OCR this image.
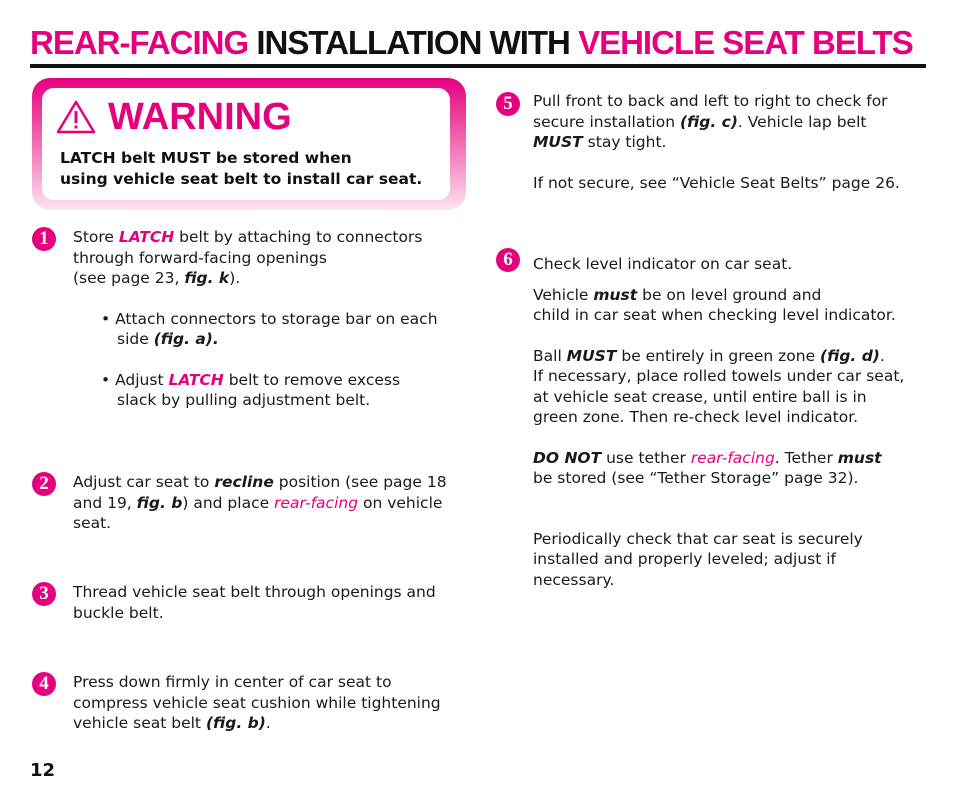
REAR-FACING INSTALLATION WITH VEHICLE SEAT BELTS
WARNING
LATCH belt MUST be stored when
using vehicle seat belt to install car seat.
1	Store LATCH belt by attaching to connectors

through forward-facing openings

(see page 23, fig. k).

• Attach connectors to storage bar on each side (fig. a).

• Adjust LATCH belt to remove excess

slack by pulling adjustment belt.

2	Adjust car seat to recline position (see page 18

and 19, fig. b) and place rear-facing on vehicle

seat.

3	Thread vehicle seat belt through openings and

buckle belt.

4	Press down firmly in center of car seat to

compress vehicle seat cushion while tightening

vehicle seat belt (fig. b).

5	Pull front to back and left to right to check for

secure installation (fig. c). Vehicle lap belt

MUST stay tight.

If not secure, see “Vehicle Seat Belts” page 26.

6	Check level indicator on car seat.

Vehicle must be on level ground and

child in car seat when checking level indicator.

Ball MUST be entirely in green zone (fig. d).

If necessary, place rolled towels under car seat,

at vehicle seat crease, until entire ball is in

green zone. Then re-check level indicator.

DO NOT use tether rear-facing. Tether must

be stored (see “Tether Storage” page 32).

Periodically check that car seat is securely

installed and properly leveled; adjust if

necessary.

12
